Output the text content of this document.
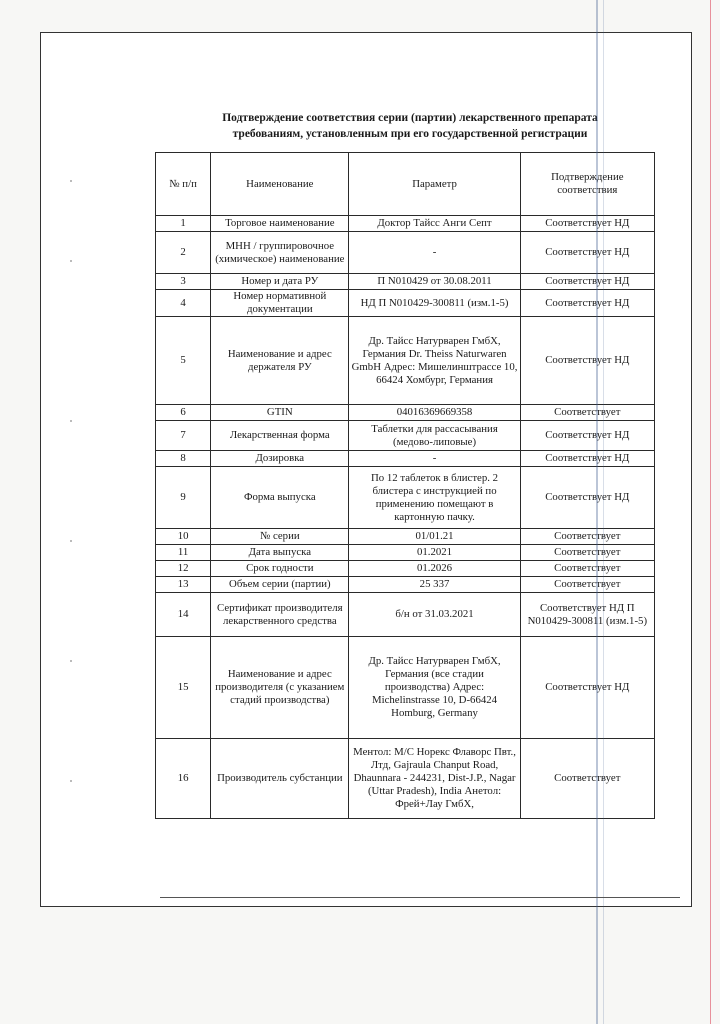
Подтверждение соответствия серии (партии) лекарственного препарата
требованиям, установленным при его государственной регистрации
№ п/п	Наименование	Параметр	Подтверждение соответствия
1	Торговое наименование	Доктор Тайсс Анги Септ	Соответствует НД
2	МНН / группировочное (химическое) наименование	-	Соответствует НД
3	Номер и дата РУ	П N010429 от 30.08.2011	Соответствует НД
4	Номер нормативной документации	НД П N010429-300811 (изм.1-5)	Соответствует НД
5	Наименование и адрес держателя РУ	Др. Тайсс Натурварен ГмбХ, Германия Dr. Theiss Naturwaren GmbH Адрес: Мишелинштрассе 10, 66424 Хомбург, Германия	Соответствует НД
6	GTIN	04016369669358	Соответствует
7	Лекарственная форма	Таблетки для рассасывания (медово-липовые)	Соответствует НД
8	Дозировка	-	Соответствует НД
9	Форма выпуска	По 12 таблеток в блистер. 2 блистера с инструкцией по применению помещают в картонную пачку.	Соответствует НД
10	№ серии	01/01.21	Соответствует
11	Дата выпуска	01.2021	Соответствует
12	Срок годности	01.2026	Соответствует
13	Объем серии (партии)	25 337	Соответствует
14	Сертификат производителя лекарственного средства	б/н от 31.03.2021	Соответствует НД П N010429-300811 (изм.1-5)
15	Наименование и адрес производителя (с указанием стадий производства)	Др. Тайсс Натурварен ГмбХ, Германия (все стадии производства) Адрес: Michelinstrasse 10, D-66424 Homburg, Germany	Соответствует НД
16	Производитель субстанции	Ментол: М/С Норекс Флаворс Пвт., Лтд, Gajraula Chanput Road, Dhaunnara - 244231, Dist-J.P., Nagar (Uttar Pradesh), India Анетол: Фрей+Лау ГмбХ,	Соответствует
